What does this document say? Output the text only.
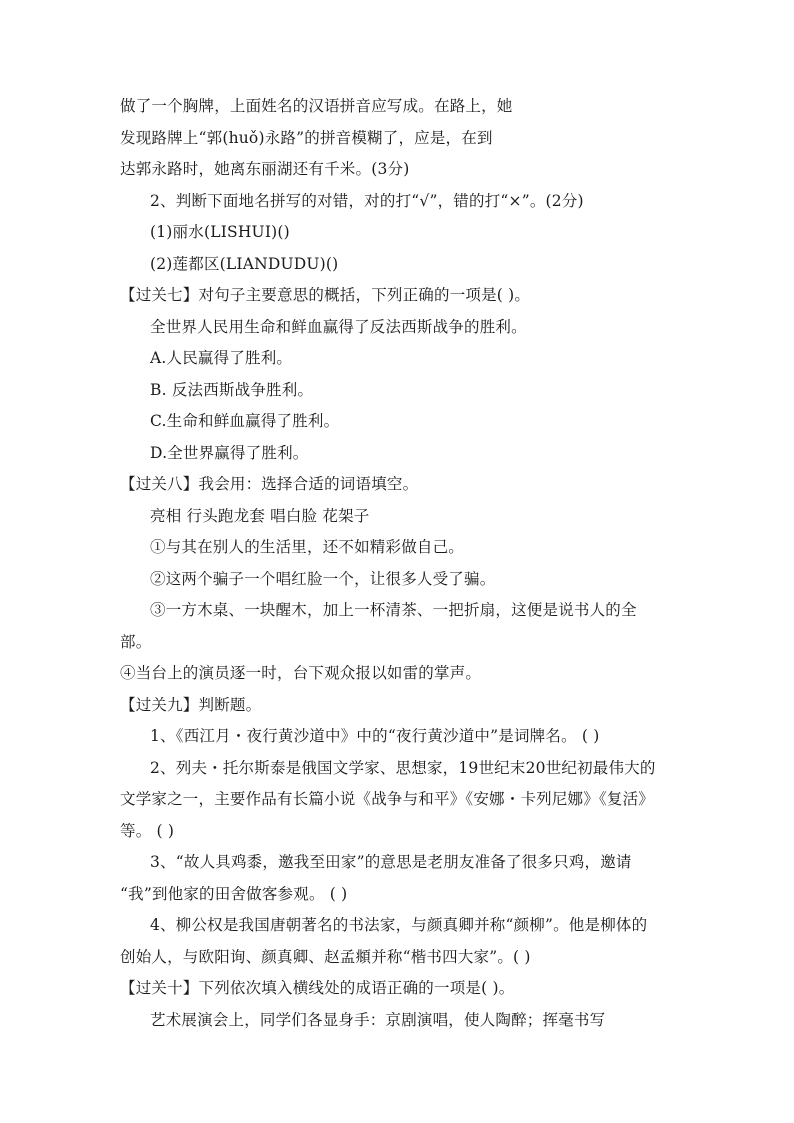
做了一个胸牌，上面姓名的汉语拼音应写成。在路上，她
发现路牌上“郭(huǒ)永路”的拼音模糊了，应是，在到
达郭永路时，她离东丽湖还有千米。(3分)
2、判断下面地名拼写的对错，对的打“√”，错的打“×”。(2分)
(1)丽水(LISHUI)()
(2)莲都区(LIANDUDU)()
【过关七】对句子主要意思的概括，下列正确的一项是( )。
全世界人民用生命和鲜血赢得了反法西斯战争的胜利。
A.人民赢得了胜利。
B. 反法西斯战争胜利。
C.生命和鲜血赢得了胜利。
D.全世界赢得了胜利。
【过关八】我会用：选择合适的词语填空。
亮相 行头跑龙套 唱白脸 花架子
①与其在别人的生活里，还不如精彩做自己。
②这两个骗子一个唱红脸一个，让很多人受了骗。
③一方木桌、一块醒木，加上一杯清茶、一把折扇，这便是说书人的全
部。
④当台上的演员逐一时，台下观众报以如雷的掌声。
【过关九】判断题。
1、《西江月・夜行黄沙道中》中的“夜行黄沙道中”是词牌名。 ( )
2、列夫・托尔斯泰是俄国文学家、思想家，19世纪末20世纪初最伟大的
文学家之一，主要作品有长篇小说《战争与和平》《安娜・卡列尼娜》《复活》
等。 ( )
3、“故人具鸡黍，邀我至田家”的意思是老朋友准备了很多只鸡，邀请
“我”到他家的田舍做客参观。 ( )
4、柳公权是我国唐朝著名的书法家，与颜真卿并称“颜柳”。他是柳体的
创始人，与欧阳询、颜真卿、赵孟頫并称“楷书四大家”。( )
【过关十】下列依次填入横线处的成语正确的一项是( )。
艺术展演会上，同学们各显身手：京剧演唱，使人陶醉；挥毫书写
